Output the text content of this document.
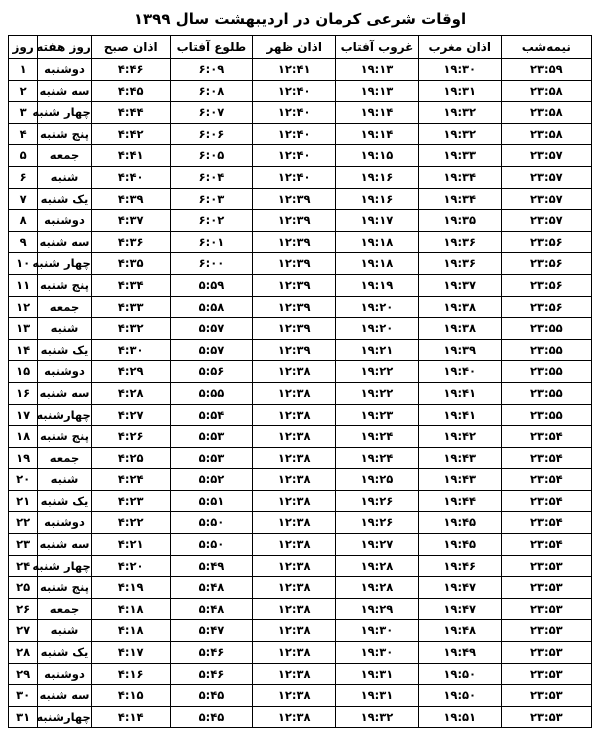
اوقات شرعی کرمان در اردیبهشت سال ۱۳۹۹
نیمه‌شب	اذان مغرب	غروب آفتاب	اذان ظهر	طلوع آفتاب	اذان صبح	روز هفته	روز
۲۳:۵۹	۱۹:۳۰	۱۹:۱۳	۱۲:۴۱	۶:۰۹	۴:۴۶	دوشنبه	۱
۲۳:۵۸	۱۹:۳۱	۱۹:۱۳	۱۲:۴۰	۶:۰۸	۴:۴۵	سه شنبه	۲
۲۳:۵۸	۱۹:۳۲	۱۹:۱۴	۱۲:۴۰	۶:۰۷	۴:۴۴	چهار شنبه	۳
۲۳:۵۸	۱۹:۳۲	۱۹:۱۴	۱۲:۴۰	۶:۰۶	۴:۴۲	پنج شنبه	۴
۲۳:۵۷	۱۹:۳۳	۱۹:۱۵	۱۲:۴۰	۶:۰۵	۴:۴۱	جمعه	۵
۲۳:۵۷	۱۹:۳۴	۱۹:۱۶	۱۲:۴۰	۶:۰۴	۴:۴۰	شنبه	۶
۲۳:۵۷	۱۹:۳۴	۱۹:۱۶	۱۲:۳۹	۶:۰۳	۴:۳۹	یک شنبه	۷
۲۳:۵۷	۱۹:۳۵	۱۹:۱۷	۱۲:۳۹	۶:۰۲	۴:۳۷	دوشنبه	۸
۲۳:۵۶	۱۹:۳۶	۱۹:۱۸	۱۲:۳۹	۶:۰۱	۴:۳۶	سه شنبه	۹
۲۳:۵۶	۱۹:۳۶	۱۹:۱۸	۱۲:۳۹	۶:۰۰	۴:۳۵	چهار شنبه	۱۰
۲۳:۵۶	۱۹:۳۷	۱۹:۱۹	۱۲:۳۹	۵:۵۹	۴:۳۴	پنج شنبه	۱۱
۲۳:۵۶	۱۹:۳۸	۱۹:۲۰	۱۲:۳۹	۵:۵۸	۴:۳۳	جمعه	۱۲
۲۳:۵۵	۱۹:۳۸	۱۹:۲۰	۱۲:۳۹	۵:۵۷	۴:۳۲	شنبه	۱۳
۲۳:۵۵	۱۹:۳۹	۱۹:۲۱	۱۲:۳۹	۵:۵۷	۴:۳۰	یک شنبه	۱۴
۲۳:۵۵	۱۹:۴۰	۱۹:۲۲	۱۲:۳۸	۵:۵۶	۴:۲۹	دوشنبه	۱۵
۲۳:۵۵	۱۹:۴۱	۱۹:۲۲	۱۲:۳۸	۵:۵۵	۴:۲۸	سه شنبه	۱۶
۲۳:۵۵	۱۹:۴۱	۱۹:۲۳	۱۲:۳۸	۵:۵۴	۴:۲۷	چهارشنبه	۱۷
۲۳:۵۴	۱۹:۴۲	۱۹:۲۴	۱۲:۳۸	۵:۵۳	۴:۲۶	پنج شنبه	۱۸
۲۳:۵۴	۱۹:۴۳	۱۹:۲۴	۱۲:۳۸	۵:۵۳	۴:۲۵	جمعه	۱۹
۲۳:۵۴	۱۹:۴۳	۱۹:۲۵	۱۲:۳۸	۵:۵۲	۴:۲۴	شنبه	۲۰
۲۳:۵۴	۱۹:۴۴	۱۹:۲۶	۱۲:۳۸	۵:۵۱	۴:۲۳	یک شنبه	۲۱
۲۳:۵۴	۱۹:۴۵	۱۹:۲۶	۱۲:۳۸	۵:۵۰	۴:۲۲	دوشنبه	۲۲
۲۳:۵۴	۱۹:۴۵	۱۹:۲۷	۱۲:۳۸	۵:۵۰	۴:۲۱	سه شنبه	۲۳
۲۳:۵۳	۱۹:۴۶	۱۹:۲۸	۱۲:۳۸	۵:۴۹	۴:۲۰	چهار شنبه	۲۴
۲۳:۵۳	۱۹:۴۷	۱۹:۲۸	۱۲:۳۸	۵:۴۸	۴:۱۹	پنج شنبه	۲۵
۲۳:۵۳	۱۹:۴۷	۱۹:۲۹	۱۲:۳۸	۵:۴۸	۴:۱۸	جمعه	۲۶
۲۳:۵۳	۱۹:۴۸	۱۹:۳۰	۱۲:۳۸	۵:۴۷	۴:۱۸	شنبه	۲۷
۲۳:۵۳	۱۹:۴۹	۱۹:۳۰	۱۲:۳۸	۵:۴۶	۴:۱۷	یک شنبه	۲۸
۲۳:۵۳	۱۹:۵۰	۱۹:۳۱	۱۲:۳۸	۵:۴۶	۴:۱۶	دوشنبه	۲۹
۲۳:۵۳	۱۹:۵۰	۱۹:۳۱	۱۲:۳۸	۵:۴۵	۴:۱۵	سه شنبه	۳۰
۲۳:۵۳	۱۹:۵۱	۱۹:۳۲	۱۲:۳۸	۵:۴۵	۴:۱۴	چهارشنبه	۳۱
